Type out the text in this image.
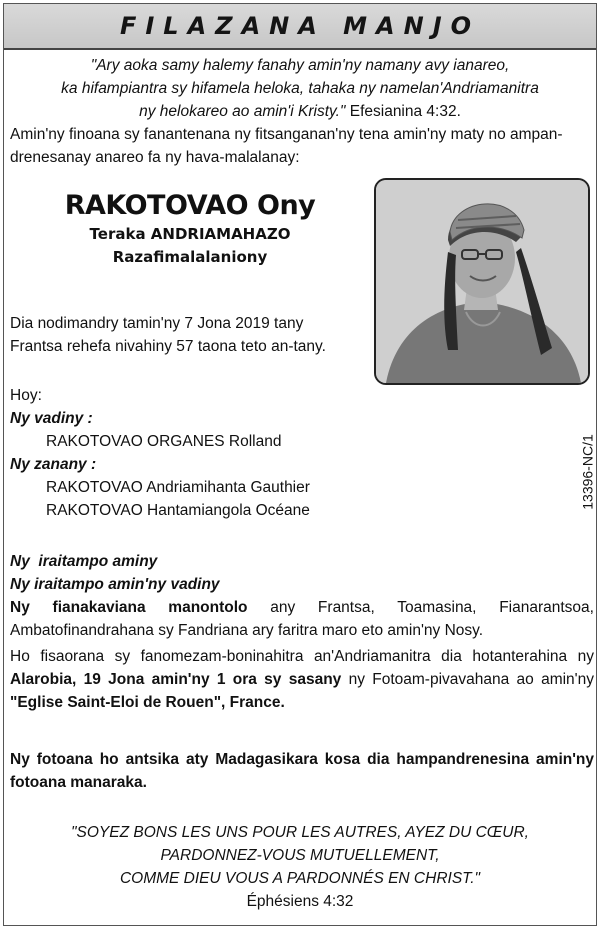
FILAZANA MANJO
"Ary aoka samy halemy fanahy amin'ny namany avy ianareo,
ka hifampiantra sy hifamela heloka, tahaka ny namelan'Andriamanitra
ny helokareo ao amin'i Kristy." Efesianina 4:32.
Amin'ny finoana sy fanantenana ny fitsanganan'ny tena amin'ny maty no ampan-
drenesanay anareo fa ny hava-malalanay:
RAKOTOVAO Ony
Teraka ANDRIAMAHAZO
Razafimalalaniony
Dia nodimandry tamin'ny 7 Jona 2019 tany
Frantsa rehefa nivahiny 57 taona teto an-tany.
Hoy:
Ny vadiny :
RAKOTOVAO ORGANES Rolland
Ny zanany :
RAKOTOVAO Andriamihanta Gauthier
RAKOTOVAO Hantamiangola Océane
Ny  iraitampo aminy
Ny iraitampo amin'ny vadiny
Ny fianakaviana manontolo any Frantsa, Toamasina, Fianarantsoa, Ambatofinandrahana sy Fandriana ary faritra maro eto amin'ny Nosy.
Ho fisaorana sy fanomezam-boninahitra an'Andriamanitra dia hotanterahina ny Alarobia, 19 Jona amin'ny 1 ora sy sasany ny Fotoam-pivavahana ao amin'ny "Eglise Saint-Eloi de Rouen", France.
Ny fotoana ho antsika aty Madagasikara kosa dia hampandrenesina amin'ny fotoana manaraka.
"SOYEZ BONS LES UNS POUR LES AUTRES, AYEZ DU CŒUR,
PARDONNEZ-VOUS MUTUELLEMENT,
COMME DIEU VOUS A PARDONNÉS EN CHRIST."
Éphésiens 4:32
13396-NC/1
